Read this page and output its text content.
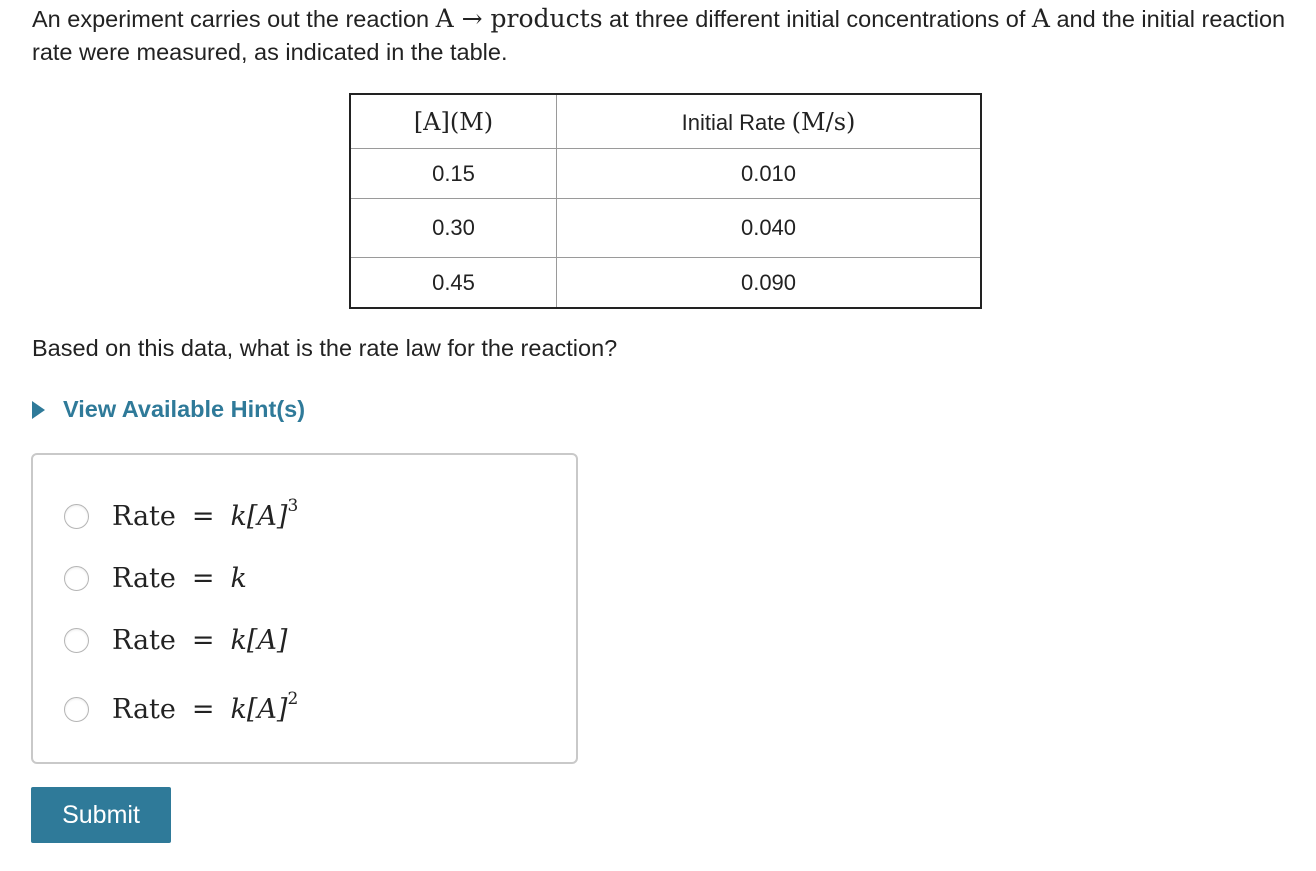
An experiment carries out the reaction A → products at three different initial concentrations of A and the initial reaction rate were measured, as indicated in the table.
[A](M)	Initial Rate (M/s)
0.15	0.010
0.30	0.040
0.45	0.090
Based on this data, what is the rate law for the reaction?
View Available Hint(s)
Rate = $k[A]^3$
Rate = k
Rate = k[A]
Rate = $k[A]^2$
Submit
